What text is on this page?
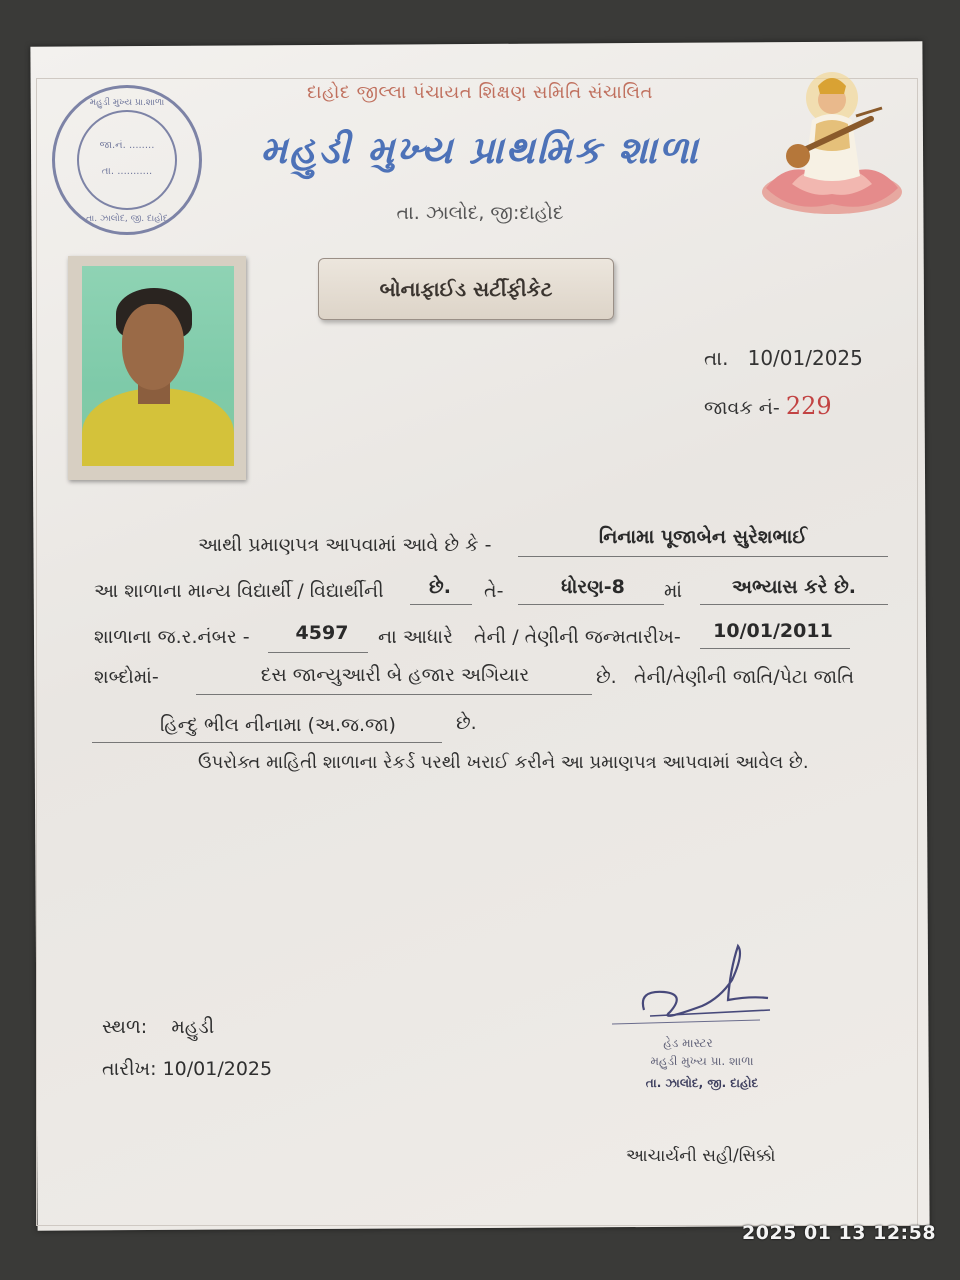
મહુડી મુખ્ય પ્રા.શાળા
જા.નં. ........
તા. ...........
તા. ઝાલોદ, જી. દાહોદ
દાહોદ જીલ્લા પંચાયત શિક્ષણ સમિતિ સંચાલિત
મહુડી મુખ્ય પ્રાથમિક શાળા
તા. ઝાલોદ, જી:દાહોદ
બોનાફાઈડ સર્ટીફીકેટ
તા. 10/01/2025
જાવક નં- 229
આથી પ્રમાણપત્ર આપવામાં આવે છે કે -	નિનામા પૂજાબેન સુરેશભાઈ
આ શાળાના માન્ય વિદ્યાર્થી / વિદ્યાર્થીની	છે.	તે-	ધોરણ-8	માં	અભ્યાસ કરે છે.
શાળાના જ.ર.નંબર -	4597	ના આધારે તેની / તેણીની જન્મતારીખ-	10/01/2011
શબ્દોમાં-	દસ જાન્યુઆરી બે હજાર અગિયાર	છે. તેની/તેણીની જાતિ/પેટા જાતિ
હિન્દુ ભીલ નીનામા (અ.જ.જા)	છે.
ઉપરોક્ત માહિતી શાળાના રેકર્ડ પરથી ખરાઈ કરીને આ પ્રમાણપત્ર આપવામાં આવેલ છે.
સ્થળ: મહુડી
તારીખ: 10/01/2025
હેડ માસ્ટર
મહુડી મુખ્ય પ્રા. શાળા
તા. ઝાલોદ, જી. દાહોદ
આચાર્યની સહી/સિક્કો
2025 01 13 12:58
